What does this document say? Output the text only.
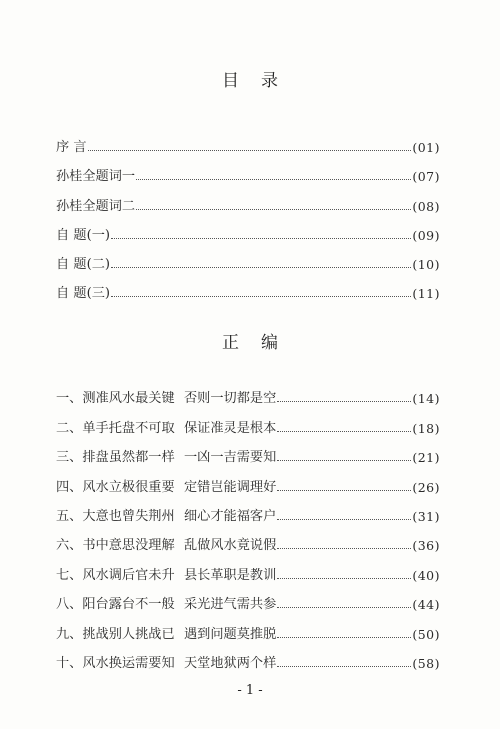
目录
序 言	(01)
孙桂全题词一	(07)
孙桂全题词二	(08)
自 题(一)	(09)
自 题(二)	(10)
自 题(三)	(11)
正编
一、测准风水最关键 否则一切都是空	(14)
二、单手托盘不可取 保证准灵是根本	(18)
三、排盘虽然都一样 一凶一吉需要知	(21)
四、风水立极很重要 定错岂能调理好	(26)
五、大意也曾失荆州 细心才能福客户	(31)
六、书中意思没理解 乱做风水竟说假	(36)
七、风水调后官未升 县长革职是教训	(40)
八、阳台露台不一般 采光进气需共参	(44)
九、挑战别人挑战已 遇到问题莫推脱	(50)
十、风水换运需要知 天堂地狱两个样	(58)
- 1 -
